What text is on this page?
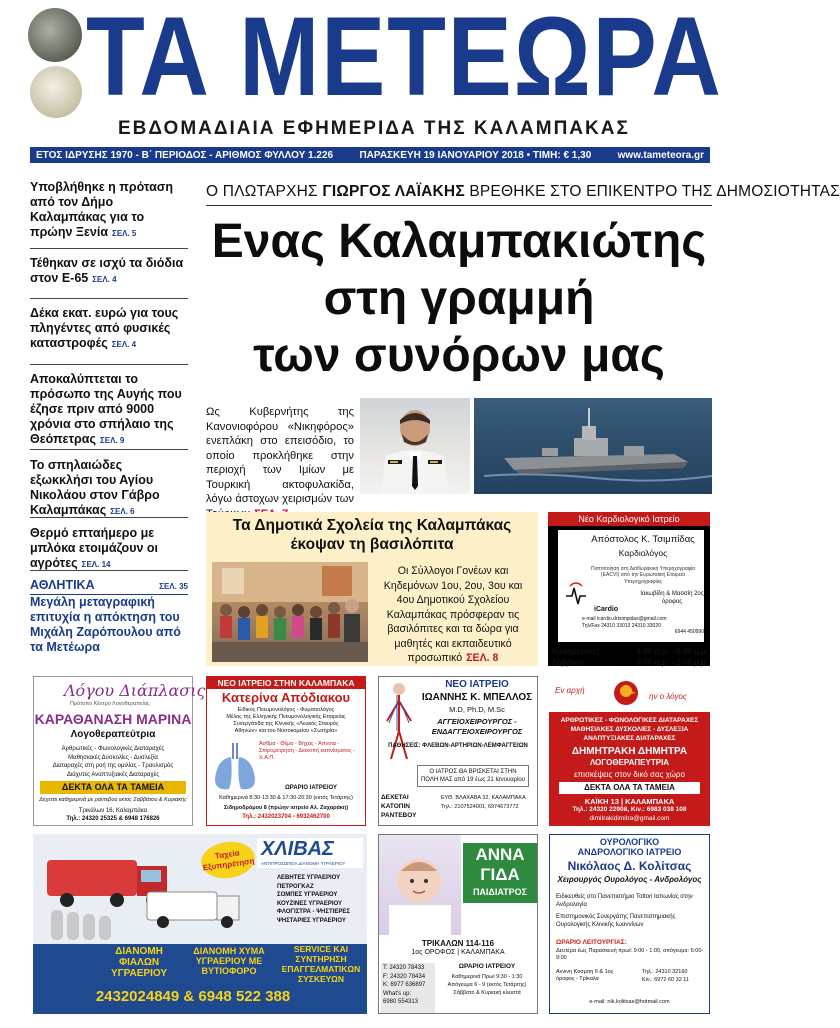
ΤΑ ΜΕΤΕΩΡΑ
ΕΒΔΟΜΑΔΙΑΙΑ ΕΦΗΜΕΡΙΔΑ ΤΗΣ ΚΑΛΑΜΠΑΚΑΣ
ΕΤΟΣ ΙΔΡΥΣΗΣ 1970 - Β΄ ΠΕΡΙΟΔΟΣ - ΑΡΙΘΜΟΣ ΦΥΛΛΟΥ 1.226	ΠΑΡΑΣΚΕΥΗ 19 ΙΑΝΟΥΑΡΙΟΥ 2018 • ΤΙΜΗ: € 1,30	www.tameteora.gr
Υποβλήθηκε η πρόταση από τον Δήμο Καλαμπάκας για το πρώην Ξενία ΣΕΛ. 5
Τέθηκαν σε ισχύ τα διόδια στον Ε-65 ΣΕΛ. 4
Δέκα εκατ. ευρώ για τους πληγέντες από φυσικές καταστροφές ΣΕΛ. 4
Αποκαλύπτεται το πρόσωπο της Αυγής που έζησε πριν από 9000 χρόνια στο σπήλαιο της Θεόπετρας ΣΕΛ. 9
Το σπηλαιώδες εξωκκλήσι του Αγίου Νικολάου στον Γάβρο Καλαμπάκας ΣΕΛ. 6
Θερμό επταήμερο με μπλόκα ετοιμάζουν οι αγρότες ΣΕΛ. 14
ΑΘΛΗΤΙΚΑ	ΣΕΛ. 35
Μεγάλη μεταγραφική επιτυχία η απόκτηση του Μιχάλη Ζαρόπουλου από τα Μετέωρα
Ο ΠΛΩΤΑΡΧΗΣ ΓΙΩΡΓΟΣ ΛΑΪΑΚΗΣ ΒΡΕΘΗΚΕ ΣΤΟ ΕΠΙΚΕΝΤΡΟ ΤΗΣ ΔΗΜΟΣΙΟΤΗΤΑΣ
Ενας Καλαμπακιώτης
στη γραμμή
των συνόρων μας
Ως Κυβερνήτης της Κανονιοφόρου «Νικηφόρος» ενεπλάκη στο επεισόδιο, το οποίο προκλήθηκε στην περιοχή των Ιμίων με Τουρκική ακτοφυλακίδα, λόγω άστοχων χειρισμών των
Τα Δημοτικά Σχολεία της Καλαμπάκας έκοψαν τη βασιλόπιτα
Οι Σύλλογοι Γονέων και Κηδεμόνων 1ου, 2ου, 3ου και 4ου Δημοτικού Σχολείου Καλαμπάκας πρόσφεραν τις βασιλόπιτες και τα δώρα για μαθητές και εκπαιδευτικό προσωπικό ΣΕΛ. 8
Νέο Καρδιολογικό Ιατρείο
Απόστολος Κ. Τσιμπίδας
Καρδιολόγος
Πιστοποίηση στη Διαθωρακική Υπερηχογραφία (EACVI) από την Ευρωπαϊκή Εταιρεία Υπερηχογραφίας
Ιακωβίδη & Μασσίη 2ος όροφος
iCardio
e-mail icardio.drtsimpidas@gmail.com
Τηλ/Fax 24310 33013 24310 33020
6944 450990
Καθημερινές	9.00 π.μ. - 9.00 μ.μ.
Σάββατο	9.00 π.μ. - 2.00 μ.μ.
Λόγου Διάπλασις
Πρότυπο Κέντρο Λογοθεραπείας
ΚΑΡΑΘΑΝΑΣΗ ΜΑΡΙΝΑ
Λογοθεραπεύτρια
Αρθρωτικές - Φωνολογικές Διαταραχές
Μαθησιακές Δυσκολίες - Δυσλεξία
Διαταραχές στη ροή της ομιλίας - Τραυλισμός
Διάχυτες Αναπτυξιακές Διαταραχές
ΔΕΚΤΑ ΟΛΑ ΤΑ ΤΑΜΕΙΑ
Δέχεται καθημερινά με ραντεβού εκτός Σαββάτου & Κυριακής
Τρικάλων 16, Καλαμπάκα
Τηλ.: 24320 25325 & 6948 176826
ΝΕΟ ΙΑΤΡΕΙΟ ΣΤΗΝ ΚΑΛΑΜΠΑΚΑ
Κατερίνα Απόδιακου
Ειδικός Πνευμονολόγος - Φυματιολόγος
Μέλος της Ελληνικής Πνευμονολογικής Εταιρείας
Συνεργάτιδα της Κλινικής «Λευκός Σταυρός
Αθηνών» και του Νοσοκομείου «Σωτηρία»
Άσθμα - Θέμα - Βήχας - Άπνοια - Σπιρομέτρηση - Διακοπή καπνίσματος - Χ.Α.Π.
ΩΡΑΡΙΟ ΙΑΤΡΕΙΟΥ
Καθημερινά 8:30-13:30 & 17:30-20:30 (εκτός Τετάρτης)
Σιδηροδρόμου 8 (πρώην ιατρείο Αλ. Ζαχαράκη)
Τηλ.: 2432023704 - 6932462700
ΝΕΟ ΙΑΤΡΕΙΟ
ΙΩΑΝΝΗΣ Κ. ΜΠΕΛΛΟΣ
M.D, Ph.D, M.Sc
ΑΓΓΕΙΟΧΕΙΡΟΥΡΓΟΣ -
ΕΝΔΑΓΓΕΙΟΧΕΙΡΟΥΡΓΟΣ
ΠΑΘΗΣΕΙΣ: ΦΛΕΒΩΝ-ΑΡΤΗΡΙΩΝ-ΛΕΜΦΑΓΓΕΙΩΝ
Ο ΙΑΤΡΟΣ ΘΑ ΒΡΙΣΚΕΤΑΙ ΣΤΗΝ ΠΟΛΗ ΜΑΣ από 19 έως 21 Ιανουαρίου
ΔΕΧΕΤΑΙ ΚΑΤΟΠΙΝ ΡΑΝΤΕΒΟΥ
ΕΥΘ. ΒΛΑΧΑΒΑ 32, ΚΑΛΑΜΠΑΚΑ
Τηλ.: 2107524001, 6974673772
Εν αρχή
ην ο λόγος
ΑΡΘΡΩΤΙΚΕΣ - ΦΩΝΟΛΟΓΙΚΕΣ ΔΙΑΤΑΡΑΧΕΣ
ΜΑΘΗΣΙΑΚΕΣ ΔΥΣΚΟΛΙΕΣ - ΔΥΣΛΕΞΙΑ
ΑΝΑΠΤΥΞΙΑΚΕΣ ΔΙΑΤΑΡΑΧΕΣ
ΔΗΜΗΤΡΑΚΗ ΔΗΜΗΤΡΑ
ΛΟΓΟΘΕΡΑΠΕΥΤΡΙΑ
επισκέψεις στον δικό σας χώρο
ΔΕΚΤΑ ΟΛΑ ΤΑ ΤΑΜΕΙΑ
ΚΑΪΚΗ 13 | ΚΑΛΑΜΠΑΚΑ
Τηλ.: 24320 22908, Κιν.: 6983 038 108
dimitrakidimitra@gmail.com
Ταχεία Εξυπηρέτηση
ΧΛΙΒΑΣ
ΑΝΤΙΠΡΟΣΩΠΕΙΑ ΔΙΑΝΟΜΗ ΥΓΡΑΕΡΙΟΥ
ΛΕΒΗΤΕΣ ΥΓΡΑΕΡΙΟΥ
ΠΕΤΡΟΓΚΑΖ
ΣΟΜΠΕΣ ΥΓΡΑΕΡΙΟΥ
ΚΟΥΖΙΝΕΣ ΥΓΡΑΕΡΙΟΥ
ΦΛΟΓΙΣΤΡΑ - ΨΗΣΤΙΕΡΕΣ
ΨΗΣΤΑΡΙΕΣ ΥΓΡΑΕΡΙΟΥ
ΔΙΑΝΟΜΗ ΦΙΑΛΩΝ ΥΓΡΑΕΡΙΟΥ
ΔΙΑΝΟΜΗ ΧΥΜΑ ΥΓΡΑΕΡΙΟΥ ΜΕ ΒΥΤΙΟΦΟΡΟ
SERVICE ΚΑΙ ΣΥΝΤΗΡΗΣΗ ΕΠΑΓΓΕΛΜΑΤΙΚΩΝ ΣΥΣΚΕΥΩΝ
2432024849 & 6948 522 388
ΑΝΝΑ
ΓΙΔΑ
ΠΑΙΔΙΑΤΡΟΣ
ΤΡΙΚΑΛΩΝ 114-116
1ος ΟΡΟΦΟΣ | ΚΑΛΑΜΠΑΚΑ
T: 24320 78433
F: 24320 78434
K: 6977 636897
What's up:
6980 554313
ΩΡΑΡΙΟ ΙΑΤΡΕΙΟΥ
Καθημερινά Πρωί 9:30 - 1:30
Απόγευμα 6 - 9 (εκτός Τετάρτης)
Σάββατο & Κυριακή κλειστά
ΟΥΡΟΛΟΓΙΚΟ
ΑΝΔΡΟΛΟΓΙΚΟ ΙΑΤΡΕΙΟ
Νικόλαος Δ. Κολίτσας
Χειρουργός Ουρολόγος - Ανδρολόγος
Ειδικευθείς στο Πανεπιστήμιο Tottori Ιαπωνίας στην Ανδρολογία
Επιστημονικός Συνεργάτης Πανεπιστημιακής Ουρολογικής Κλινικής Ιωαννίνων
ΩΡΑΡΙΟ ΛΕΙΤΟΥΡΓΙΑΣ:
Δευτέρα έως Παρασκευή πρωί: 9:00 - 1:00, απόγευμα: 6:00-9:00
Αννινη Κοσμιτη 6 & 1ος όροφος - Τρίκαλα
Τηλ.: 24310 32160
Κιν.: 6972 60 32 11
e-mail: nik.kolitsas@hotmail.com
